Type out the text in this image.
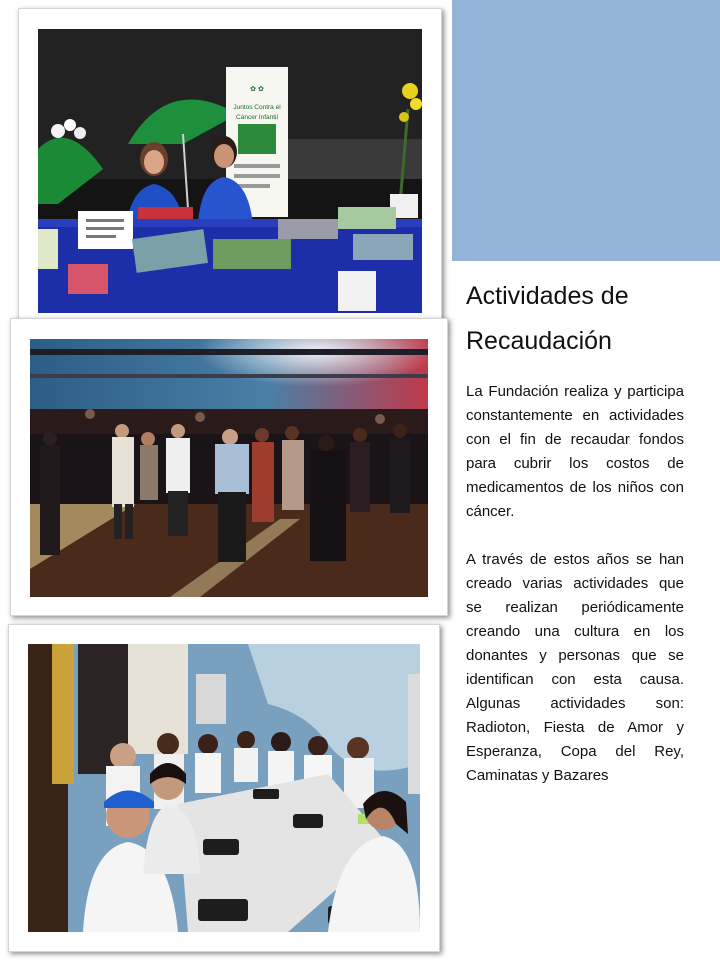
✿ ✿
Juntos Contra el
Cáncer Infantil
Actividades de
Recaudación

La Fundación realiza y participa constantemente en actividades con el fin de recaudar fondos para cubrir los costos de medicamentos de los niños con cáncer.

A través de estos años se han creado varias actividades que se realizan periódicamente creando una cultura en los donantes y personas que se identifican con esta causa. Algunas actividades son: Radioton, Fiesta de Amor y Esperanza, Copa del Rey, Caminatas y Bazares
